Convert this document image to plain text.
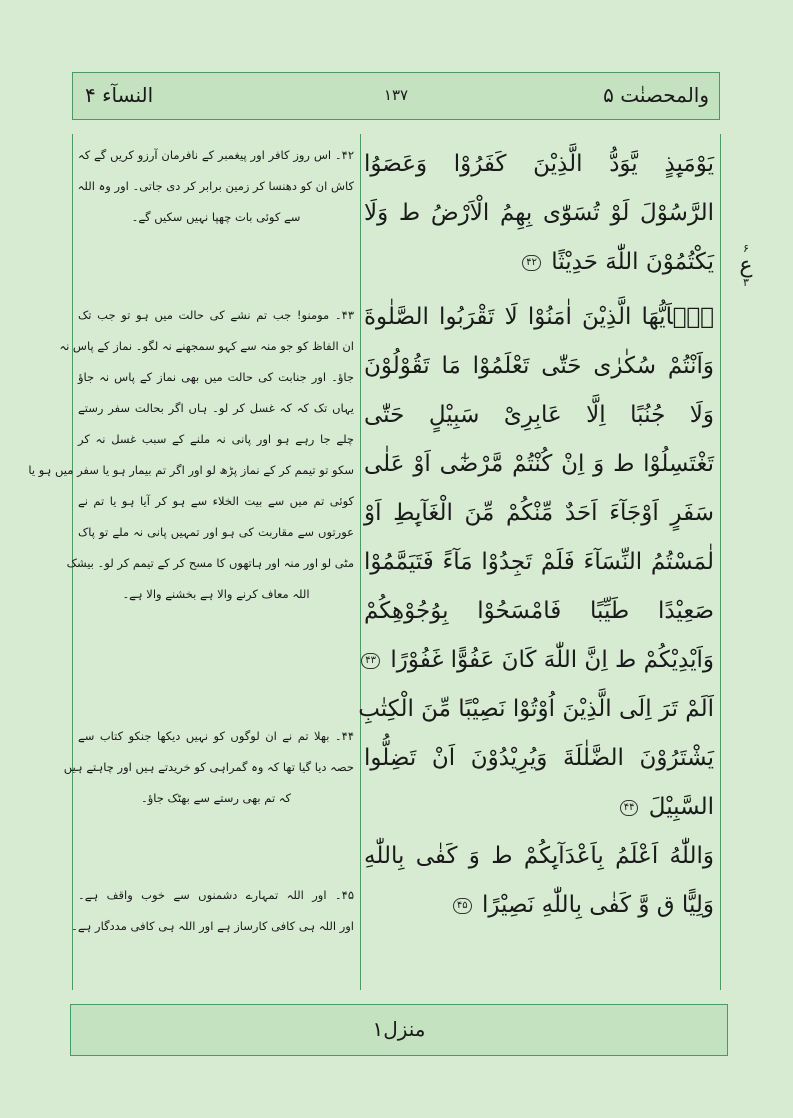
والمحصنٰت ۵
۱۳۷
النسآء ۴
يَوْمَىِٕذٍ يَّوَدُّ الَّذِيْنَ كَفَرُوْا وَعَصَوُا
الرَّسُوْلَ لَوْ تُسَوّٰى بِهِمُ الْاَرْضُ ط وَلَا
يَكْتُمُوْنَ اللّٰهَ حَدِيْثًا ۴۲
يٰۤاَيُّهَا الَّذِيْنَ اٰمَنُوْا لَا تَقْرَبُوا الصَّلٰوةَ
وَاَنْتُمْ سُكٰرٰى حَتّٰى تَعْلَمُوْا مَا تَقُوْلُوْنَ
وَلَا جُنُبًا اِلَّا عَابِرِىْ سَبِيْلٍ حَتّٰى
تَغْتَسِلُوْا ط وَ اِنْ كُنْتُمْ مَّرْضٰٓى اَوْ عَلٰى
سَفَرٍ اَوْجَآءَ اَحَدٌ مِّنْكُمْ مِّنَ الْغَآىِٕطِ اَوْ
لٰمَسْتُمُ النِّسَآءَ فَلَمْ تَجِدُوْا مَآءً فَتَيَمَّمُوْا
صَعِيْدًا طَيِّبًا فَامْسَحُوْا بِوُجُوْهِكُمْ
وَاَيْدِيْكُمْ ط اِنَّ اللّٰهَ كَانَ عَفُوًّا غَفُوْرًا ۴۳
اَلَمْ تَرَ اِلَى الَّذِيْنَ اُوْتُوْا نَصِيْبًا مِّنَ الْكِتٰبِ
يَشْتَرُوْنَ الضَّلٰلَةَ وَيُرِيْدُوْنَ اَنْ تَضِلُّوا
السَّبِيْلَ ۴۴
وَاللّٰهُ اَعْلَمُ بِاَعْدَآىِٕكُمْ ط وَ كَفٰى بِاللّٰهِ
وَلِيًّا ق وَّ كَفٰى بِاللّٰهِ نَصِيْرًا ۴۵
۴۲۔ اس روز کافر اور پیغمبر کے نافرمان آرزو کریں گے کہ
کاش ان کو دھنسا کر زمین برابر کر دی جاتی۔ اور وہ اللہ
سے کوئی بات چھپا نہیں سکیں گے۔
۴۳۔ مومنو! جب تم نشے کی حالت میں ہو تو جب تک
ان الفاظ کو جو منہ سے کہو سمجھنے نہ لگو۔ نماز کے پاس نہ
جاؤ۔ اور جنابت کی حالت میں بھی نماز کے پاس نہ جاؤ
یہاں تک کہ کہ غسل کر لو۔ ہاں اگر بحالت سفر رستے
چلے جا رہے ہو اور پانی نہ ملنے کے سبب غسل نہ کر
سکو تو تیمم کر کے نماز پڑھ لو اور اگر تم بیمار ہو یا سفر میں ہو یا
کوئی تم میں سے بیت الخلاء سے ہو کر آیا ہو یا تم نے
عورتوں سے مقاربت کی ہو اور تمہیں پانی نہ ملے تو پاک
مٹی لو اور منہ اور ہاتھوں کا مسح کر کے تیمم کر لو۔ بیشک
اللہ معاف کرنے والا ہے بخشنے والا ہے۔
۴۴۔ بھلا تم نے ان لوگوں کو نہیں دیکھا جنکو کتاب سے
حصہ دیا گیا تھا کہ وہ گمراہی کو خریدتے ہیں اور چاہتے ہیں
کہ تم بھی رستے سے بھٹک جاؤ۔
۴۵۔ اور اللہ تمہارے دشمنوں سے خوب واقف ہے۔
اور اللہ ہی کافی کارساز ہے اور اللہ ہی کافی مددگار ہے۔
۶
ع
۳
منزل۱
